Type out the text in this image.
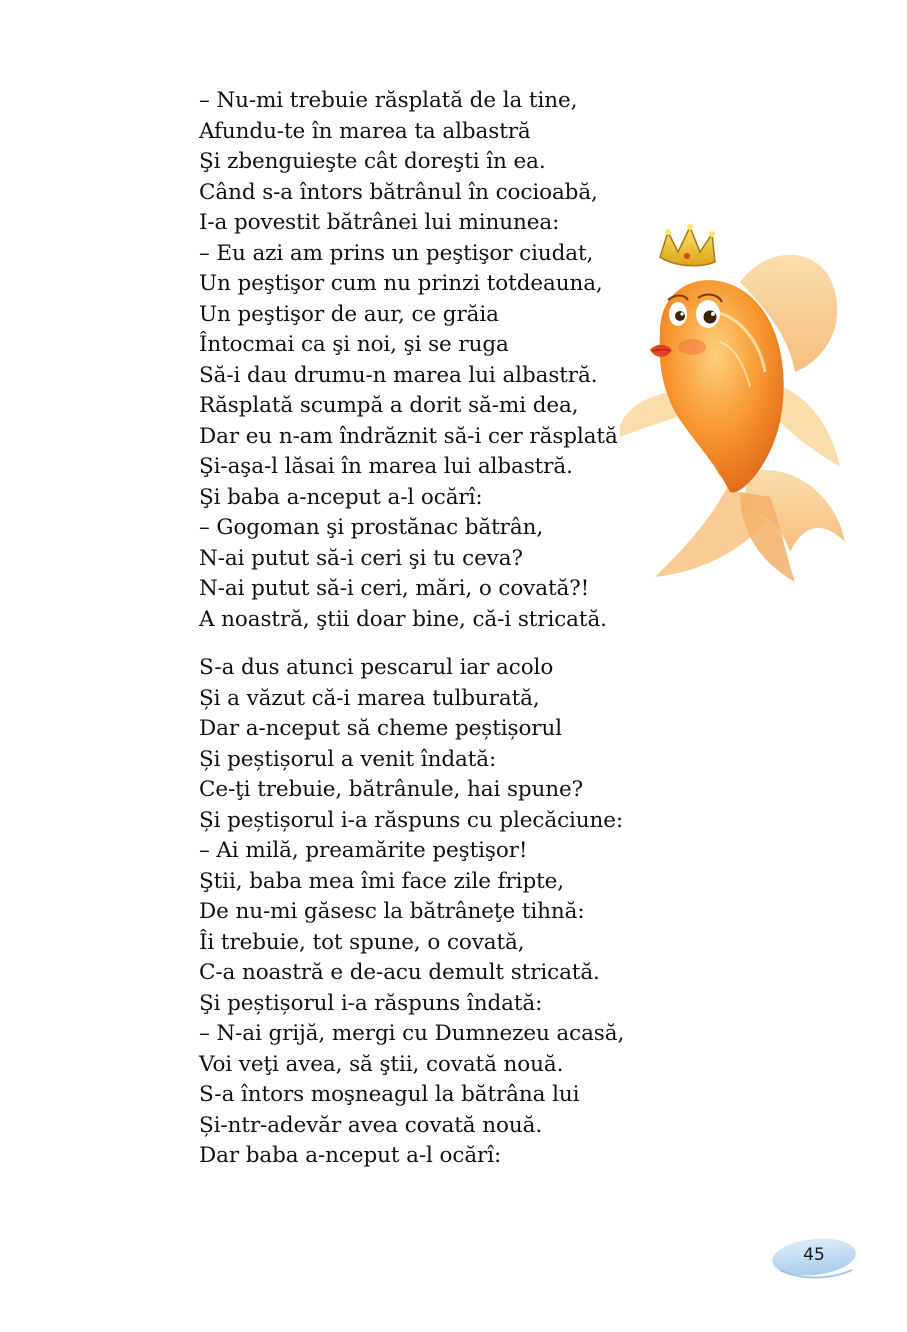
– Nu-mi trebuie răsplată de la tine,
Afundu-te în marea ta albastră
Şi zbenguieşte cât doreşti în ea.
Când s-a întors bătrânul în cocioabă,
I-a povestit bătrânei lui minunea:
– Eu azi am prins un peştişor ciudat,
Un peştişor cum nu prinzi totdeauna,
Un peştişor de aur, ce grăia
Întocmai ca şi noi, şi se ruga
Să-i dau drumu-n marea lui albastră.
Răsplată scumpă a dorit să-mi dea,
Dar eu n-am îndrăznit să-i cer răsplată
Şi-aşa-l lăsai în marea lui albastră.
Şi baba a-nceput a-l ocărî:
– Gogoman şi prostănac bătrân,
N-ai putut să-i ceri şi tu ceva?
N-ai putut să-i ceri, mări, o covată?!
A noastră, ştii doar bine, că-i stricată.
S-a dus atunci pescarul iar acolo
Și a văzut că-i marea tulburată,
Dar a-nceput să cheme peștișorul
Și peștișorul a venit îndată:
Ce-ţi trebuie, bătrânule, hai spune?
Și peștișorul i-a răspuns cu plecăciune:
– Ai milă, preamărite peştişor!
Ştii, baba mea îmi face zile fripte,
De nu-mi găsesc la bătrâneţe tihnă:
Îi trebuie, tot spune, o covată,
C-a noastră e de-acu demult stricată.
Şi peștișorul i-a răspuns îndată:
– N-ai grijă, mergi cu Dumnezeu acasă,
Voi veţi avea, să ştii, covată nouă.
S-a întors moşneagul la bătrâna lui
Și-ntr-adevăr avea covată nouă.
Dar baba a-nceput a-l ocărî:
45
